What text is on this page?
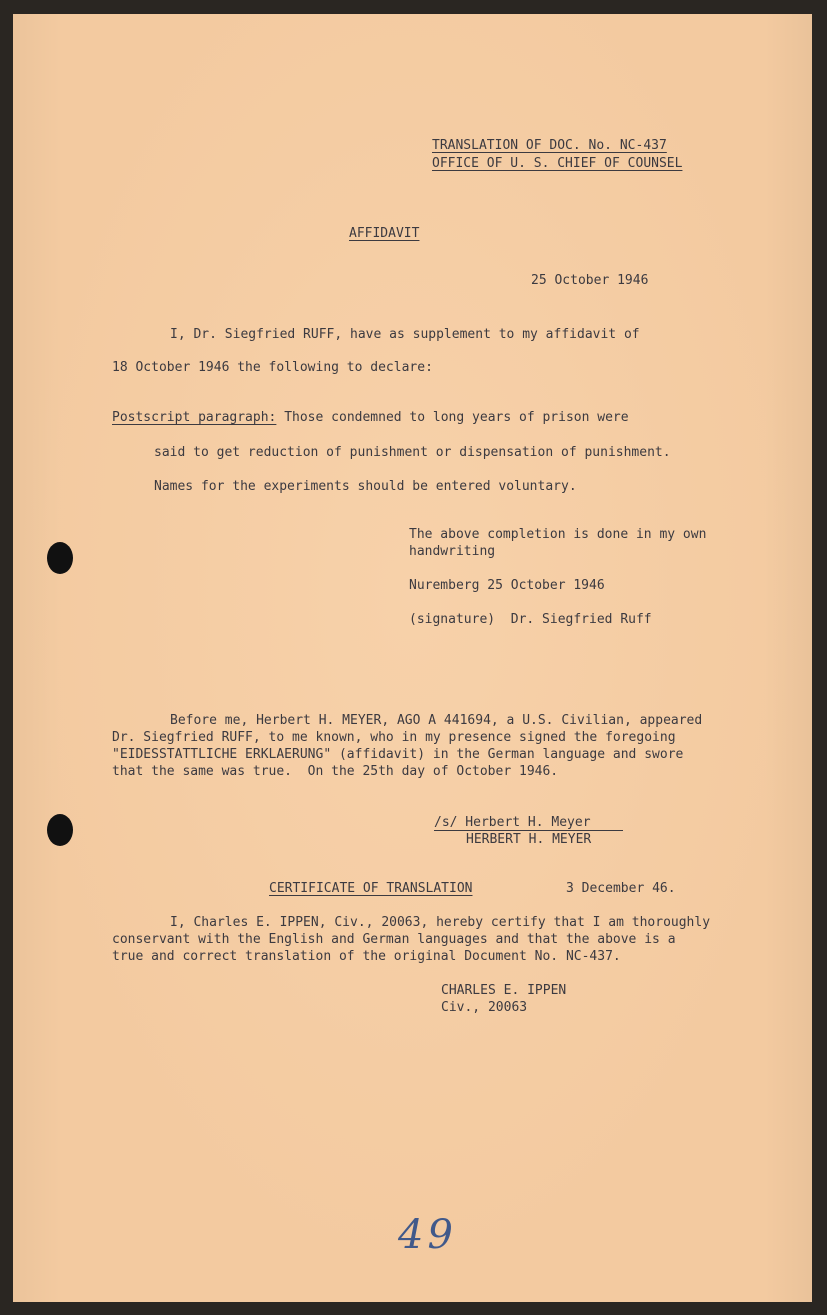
TRANSLATION OF DOC. No. NC-437
OFFICE OF U. S. CHIEF OF COUNSEL
AFFIDAVIT
25 October 1946
I, Dr. Siegfried RUFF, have as supplement to my affidavit of
18 October 1946 the following to declare:
Postscript paragraph: Those condemned to long years of prison were
said to get reduction of punishment or dispensation of punishment.
Names for the experiments should be entered voluntary.
The above completion is done in my own
handwriting
Nuremberg 25 October 1946
(signature)  Dr. Siegfried Ruff
Before me, Herbert H. MEYER, AGO A 441694, a U.S. Civilian, appeared
Dr. Siegfried RUFF, to me known, who in my presence signed the foregoing
"EIDESSTATTLICHE ERKLAERUNG" (affidavit) in the German language and swore
that the same was true.  On the 25th day of October 1946.
/s/ Herbert H. Meyer
HERBERT H. MEYER
CERTIFICATE OF TRANSLATION	3 December 46.
I, Charles E. IPPEN, Civ., 20063, hereby certify that I am thoroughly
conservant with the English and German languages and that the above is a
true and correct translation of the original Document No. NC-437.
CHARLES E. IPPEN
Civ., 20063
49
